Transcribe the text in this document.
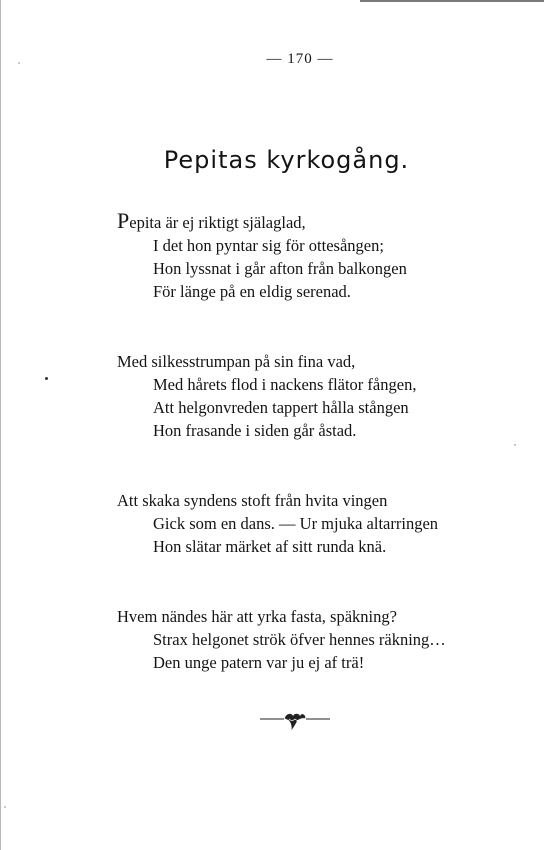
— 170 —
Pepitas kyrkogång.
Pepita är ej riktigt själaglad,
I det hon pyntar sig för ottesången;
Hon lyssnat i går afton från balkongen
För länge på en eldig serenad.
Med silkesstrumpan på sin fina vad,
Med hårets flod i nackens flätor fången,
Att helgonvreden tappert hålla stången
Hon frasande i siden går åstad.
Att skaka syndens stoft från hvita vingen
Gick som en dans. — Ur mjuka altarringen
Hon slätar märket af sitt runda knä.
Hvem nändes här att yrka fasta, späkning?
Strax helgonet strök öfver hennes räkning…
Den unge patern var ju ej af trä!
